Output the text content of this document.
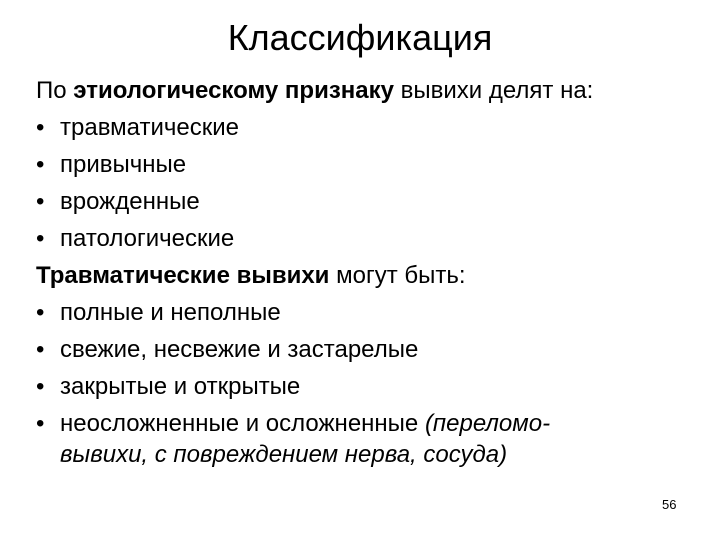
Классификация
По этиологическому признаку вывихи делят на:
• травматические
• привычные
• врожденные
• патологические
Травматические вывихи могут быть:
• полные и неполные
• свежие, несвежие и застарелые
• закрытые и открытые
• неосложненные и осложненные (переломо-
вывихи, с повреждением нерва, сосуда)
56
